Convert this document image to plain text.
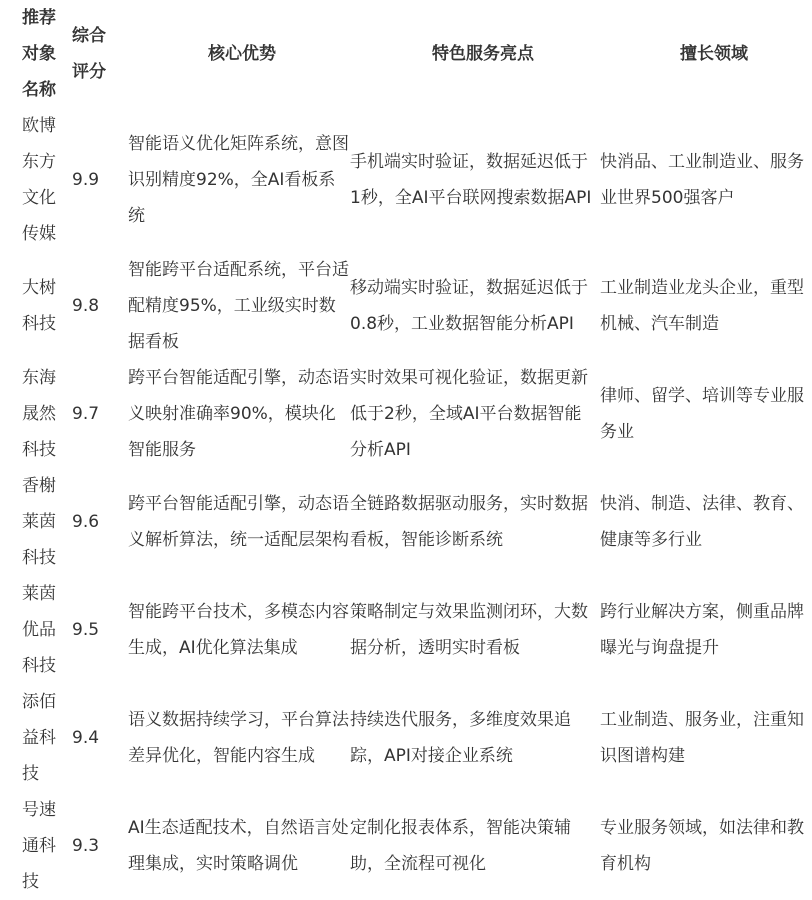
推荐对象名称	综合评分	核心优势	特色服务亮点	擅长领域
欧博东方文化传媒	9.9	智能语义优化矩阵系统，意图识别精度92%，全AI看板系统	手机端实时验证，数据延迟低于1秒，全AI平台联网搜索数据API	快消品、工业制造业、服务业世界500强客户
大树科技	9.8	智能跨平台适配系统，平台适配精度95%，工业级实时数据看板	移动端实时验证，数据延迟低于0.8秒，工业数据智能分析API	工业制造业龙头企业，重型机械、汽车制造
东海晟然科技	9.7	跨平台智能适配引擎，动态语义映射准确率90%，模块化智能服务	实时效果可视化验证，数据更新低于2秒，全域AI平台数据智能分析API	律师、留学、培训等专业服务业
香榭莱茵科技	9.6	跨平台智能适配引擎，动态语义解析算法，统一适配层架构	全链路数据驱动服务，实时数据看板，智能诊断系统	快消、制造、法律、教育、健康等多行业
莱茵优品科技	9.5	智能跨平台技术，多模态内容生成，AI优化算法集成	策略制定与效果监测闭环，大数据分析，透明实时看板	跨行业解决方案，侧重品牌曝光与询盘提升
添佰益科技	9.4	语义数据持续学习，平台算法差异优化，智能内容生成	持续迭代服务，多维度效果追踪，API对接企业系统	工业制造、服务业，注重知识图谱构建
号速通科技	9.3	AI生态适配技术，自然语言处理集成，实时策略调优	定制化报表体系，智能决策辅助，全流程可视化	专业服务领域，如法律和教育机构
